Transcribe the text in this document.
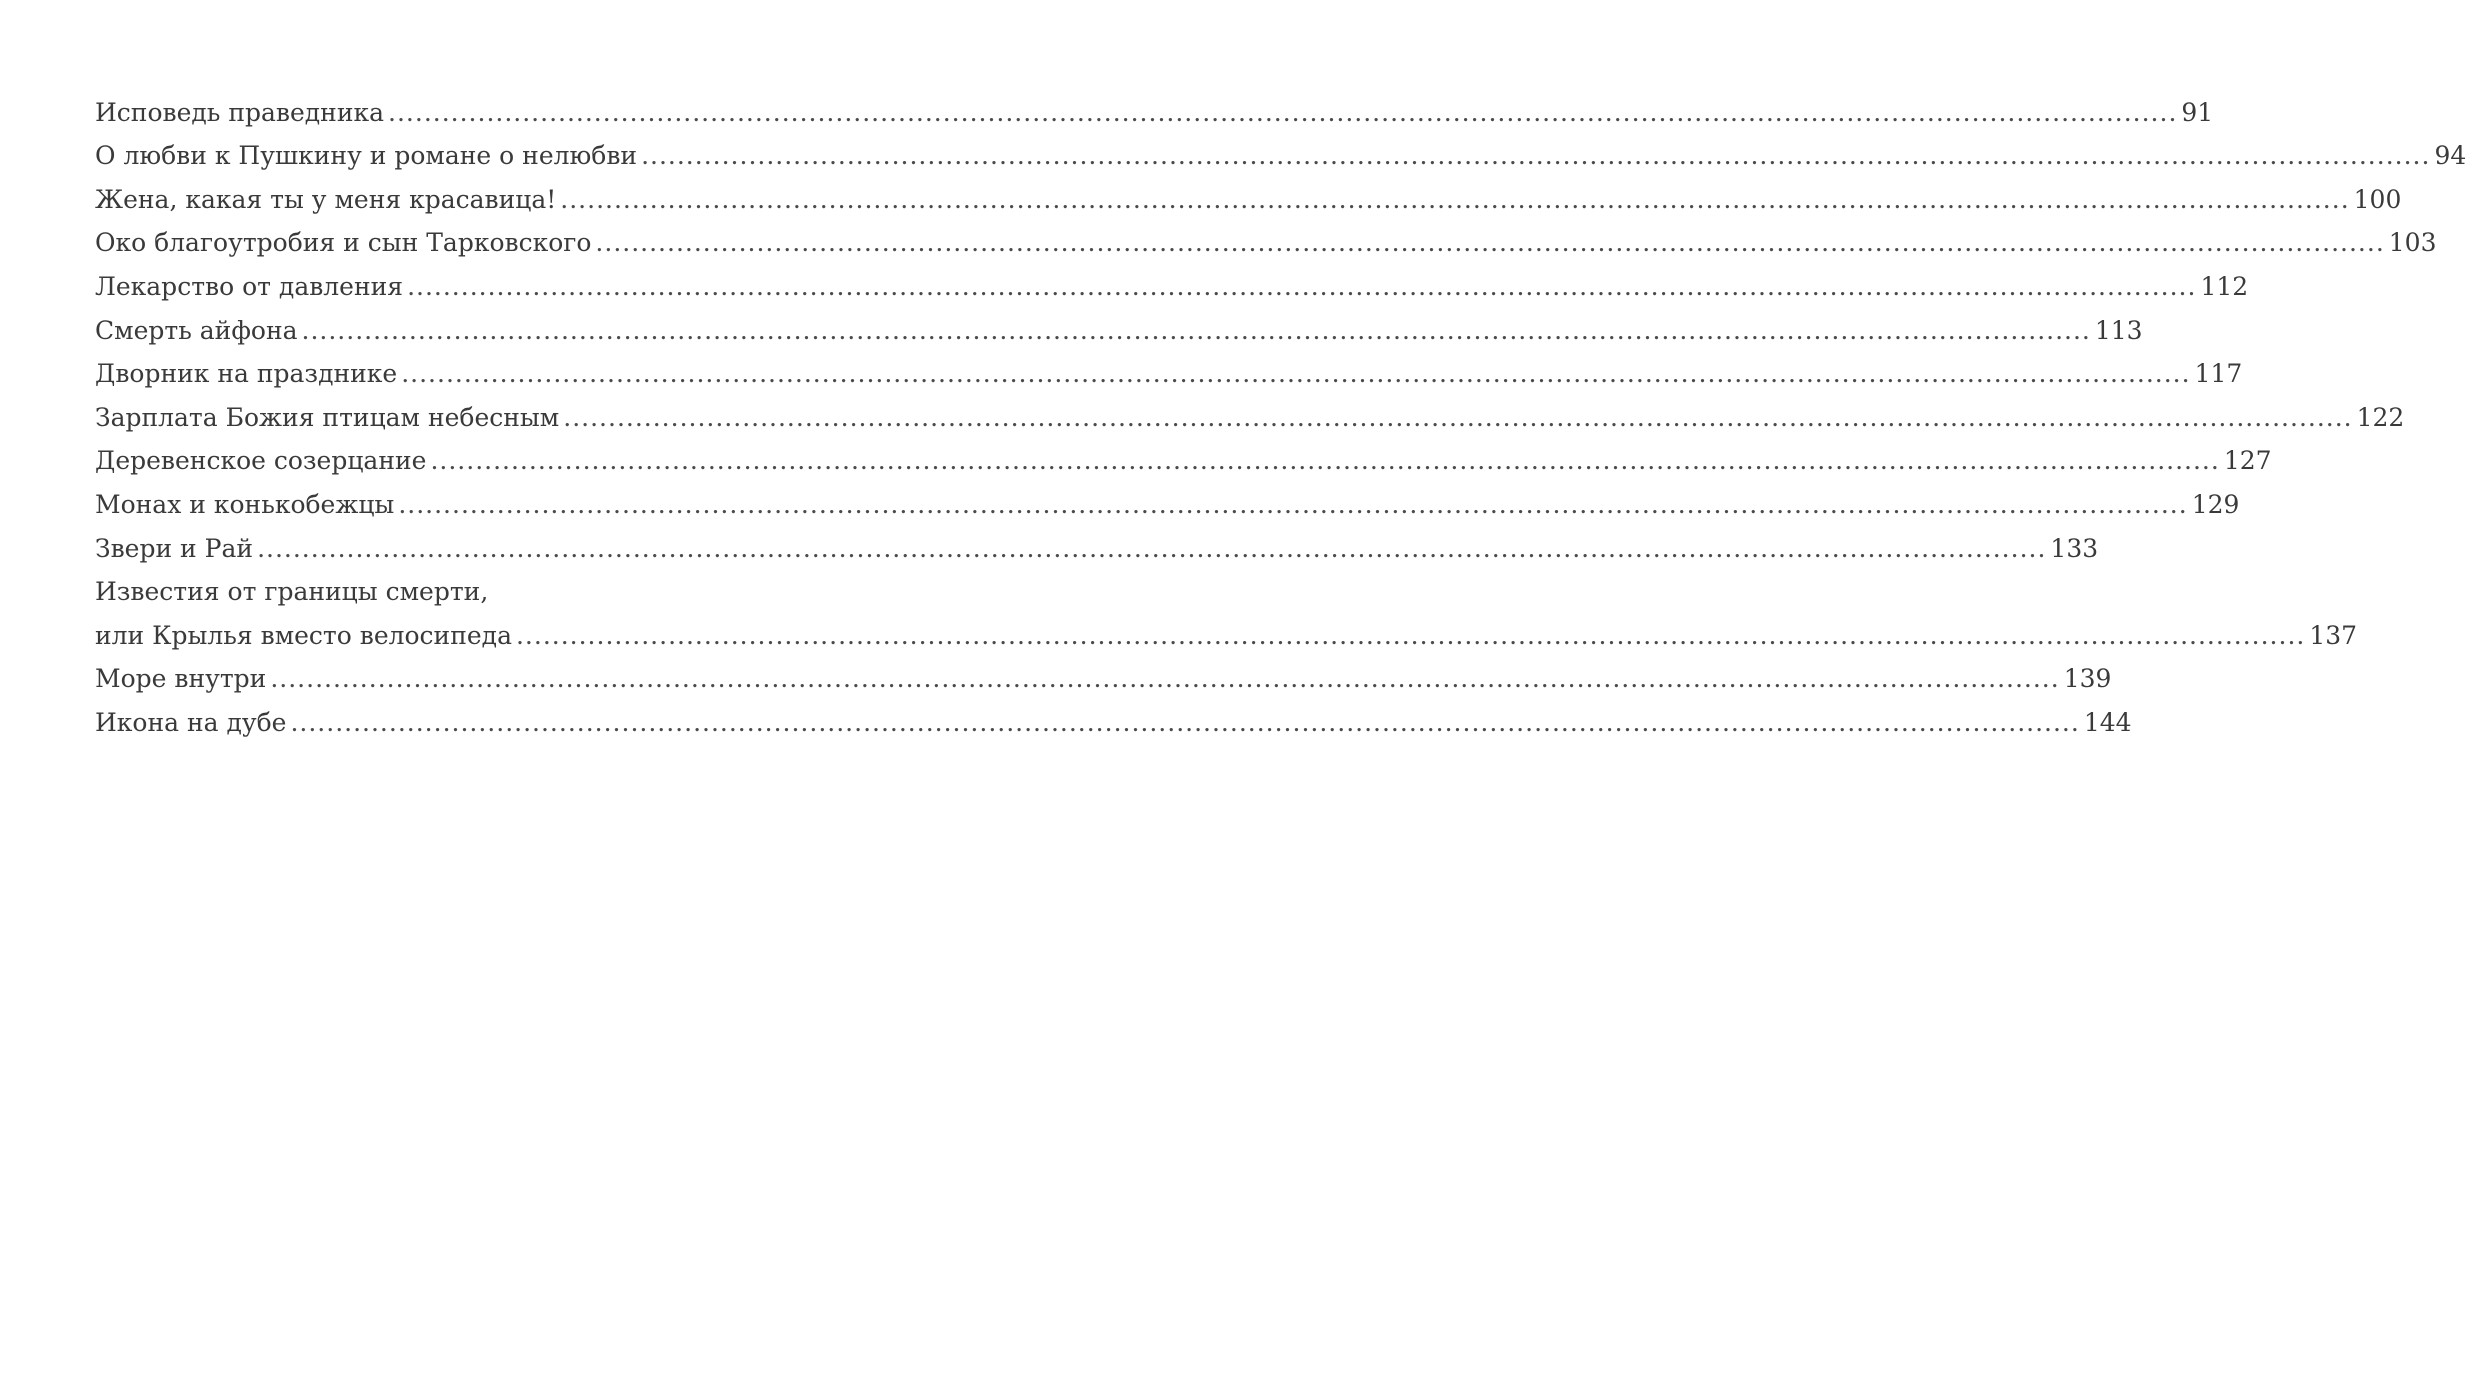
Исповедь праведника ........................................................................................................................................................................................................ 91
О любви к Пушкину и романе о нелюбви ........................................................................................................................................................................................................ 94
Жена, какая ты у меня красавица! ........................................................................................................................................................................................................ 100
Око благоутробия и сын Тарковского ........................................................................................................................................................................................................ 103
Лекарство от давления ........................................................................................................................................................................................................ 112
Смерть айфона ........................................................................................................................................................................................................ 113
Дворник на празднике ........................................................................................................................................................................................................ 117
Зарплата Божия птицам небесным ........................................................................................................................................................................................................ 122
Деревенское созерцание ........................................................................................................................................................................................................ 127
Монах и конькобежцы ........................................................................................................................................................................................................ 129
Звери и Рай ........................................................................................................................................................................................................ 133
Известия от границы смерти,
или Крылья вместо велосипеда ........................................................................................................................................................................................................ 137
Море внутри ........................................................................................................................................................................................................ 139
Икона на дубе ........................................................................................................................................................................................................ 144
